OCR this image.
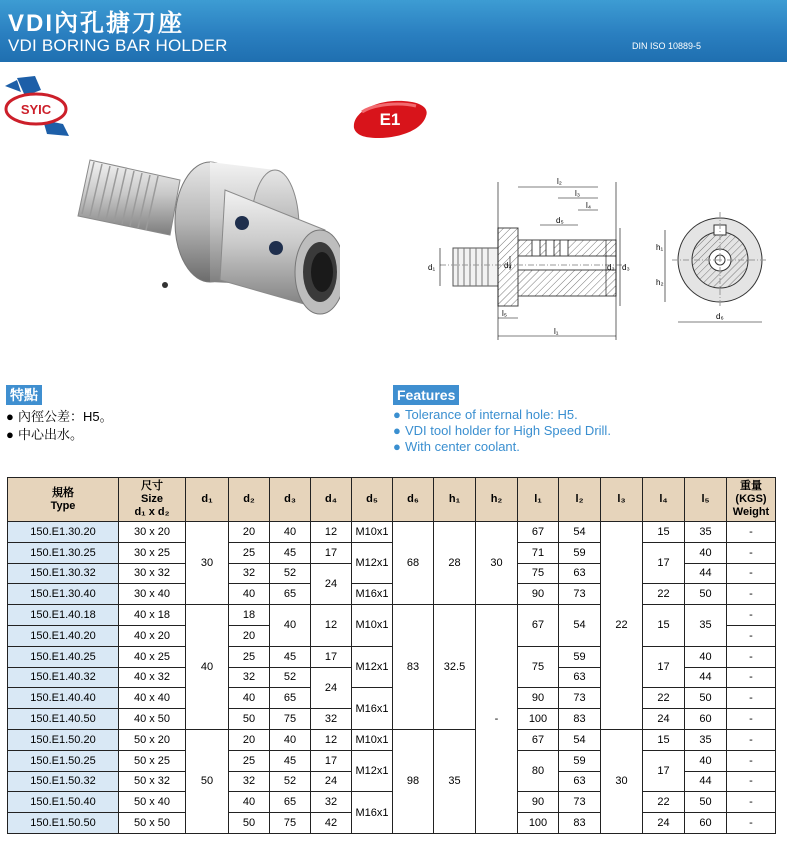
VDI內孔搪刀座
VDI BORING BAR HOLDER	DIN ISO 10889-5
SYIC
E1
l₂
l₃
l₄
d₅
d₁	d₄	d₂ d₃
l₅
l₁
h₁
h₂
d₆
特點
● 內徑公差：H5。
● 中心出水。
Features
● Tolerance of internal hole: H5.
● VDI tool holder for High Speed Drill.
● With center coolant.
規格
Type	尺寸
Size
d₁ x d₂	d₁	d₂	d₃	d₄	d₅	d₆	h₁	h₂	l₁	l₂	l₃	l₄	l₅	重量
(KGS)
Weight
150.E1.30.20	30 x 20	30	20	40	12	M10x1	68	28	30	67	54	22	15	35	-
150.E1.30.25	30 x 25		25	45	17	M12x1				71	59		17	40	-
150.E1.30.32	30 x 32		32	52	24					75	63			44	-
150.E1.30.40	30 x 40		40	65		M16x1				90	73		22	50	-
150.E1.40.18	40 x 18	40	18	40	12	M10x1	83	32.5	-	67	54		15	35	-
150.E1.40.20	40 x 20		20												-
150.E1.40.25	40 x 25		25	45	17	M12x1				75	59		17	40	-
150.E1.40.32	40 x 32		32	52	24						63			44	-
150.E1.40.40	40 x 40		40	65		M16x1				90	73		22	50	-
150.E1.40.50	40 x 50		50	75	32					100	83		24	60	-
150.E1.50.20	50 x 20	50	20	40	12	M10x1	98	35		67	54	30	15	35	-
150.E1.50.25	50 x 25		25	45	17	M12x1				80	59		17	40	-
150.E1.50.32	50 x 32		32	52	24						63			44	-
150.E1.50.40	50 x 40		40	65	32	M16x1				90	73		22	50	-
150.E1.50.50	50 x 50		50	75	42					100	83		24	60	-
